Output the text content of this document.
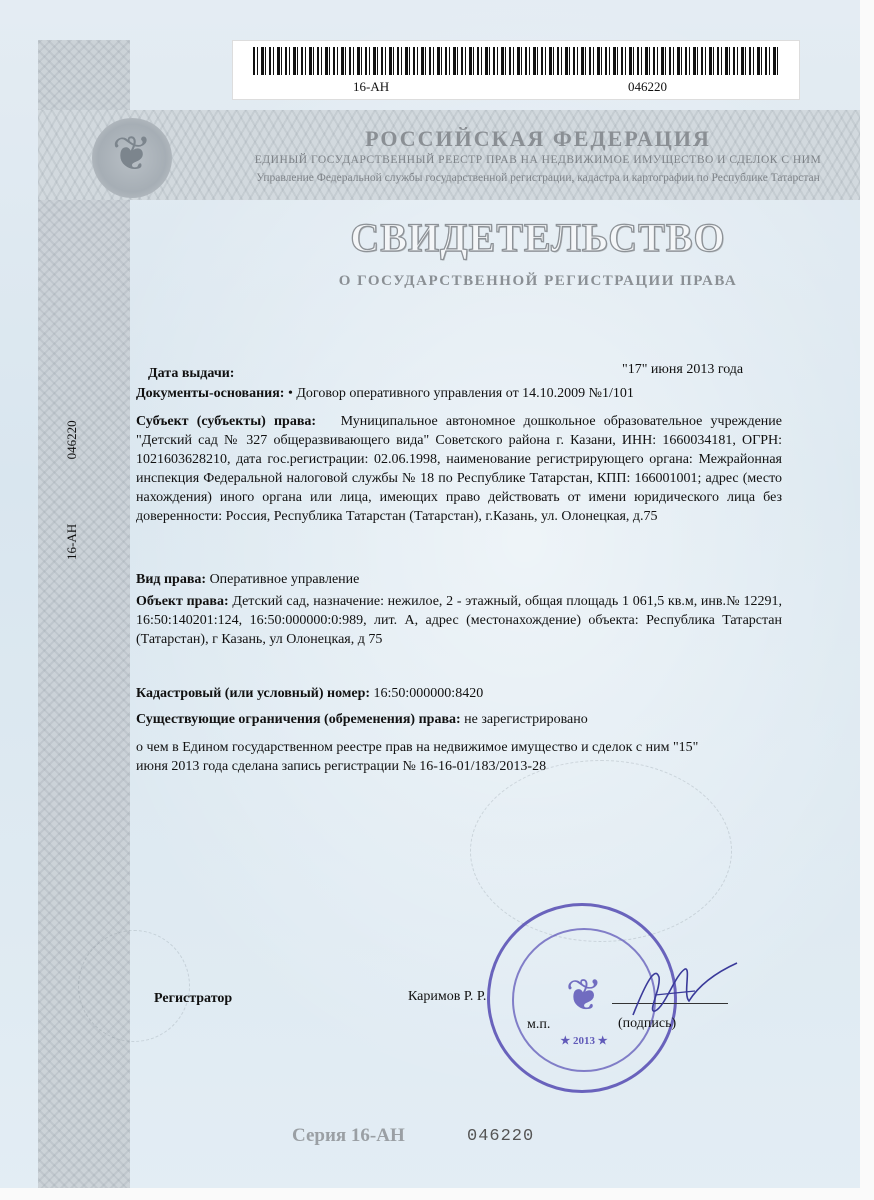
16-АН	046220
❦	РОССИЙСКАЯ ФЕДЕРАЦИЯ
ЕДИНЫЙ ГОСУДАРСТВЕННЫЙ РЕЕСТР ПРАВ НА НЕДВИЖИМОЕ ИМУЩЕСТВО И СДЕЛОК С НИМ
Управление Федеральной службы государственной регистрации, кадастра и картографии по Республике Татарстан
СВИДЕТЕЛЬСТВО
О ГОСУДАРСТВЕННОЙ РЕГИСТРАЦИИ ПРАВА
Дата выдачи:	"17" июня 2013 года
Документы-основания: • Договор оперативного управления от 14.10.2009 №1/101
Субъект (субъекты) права: Муниципальное автономное дошкольное образовательное учреждение "Детский сад № 327 общеразвивающего вида" Советского района г. Казани, ИНН: 1660034181, ОГРН: 1021603628210, дата гос.регистрации: 02.06.1998, наименование регистрирующего органа: Межрайонная инспекция Федеральной налоговой службы № 18 по Республике Татарстан, КПП: 166001001; адрес (место нахождения) иного органа или лица, имеющих право действовать от имени юридического лица без доверенности: Россия, Республика Татарстан (Татарстан), г.Казань, ул. Олонецкая, д.75
Вид права: Оперативное управление
Объект права: Детский сад, назначение: нежилое, 2 - этажный, общая площадь 1 061,5 кв.м, инв.№ 12291, 16:50:140201:124, 16:50:000000:0:989, лит. А, адрес (местонахождение) объекта: Республика Татарстан (Татарстан), г Казань, ул Олонецкая, д 75
Кадастровый (или условный) номер: 16:50:000000:8420
Существующие ограничения (обременения) права: не зарегистрировано
о чем в Едином государственном реестре прав на недвижимое имущество и сделок с ним "15"
июня 2013 года сделана запись регистрации № 16-16-01/183/2013-28
16-АН  046220
Регистратор	Каримов Р. Р.	❦
★ 2013 ★
м.п.	(подпись)
Серия 16-АН	046220
